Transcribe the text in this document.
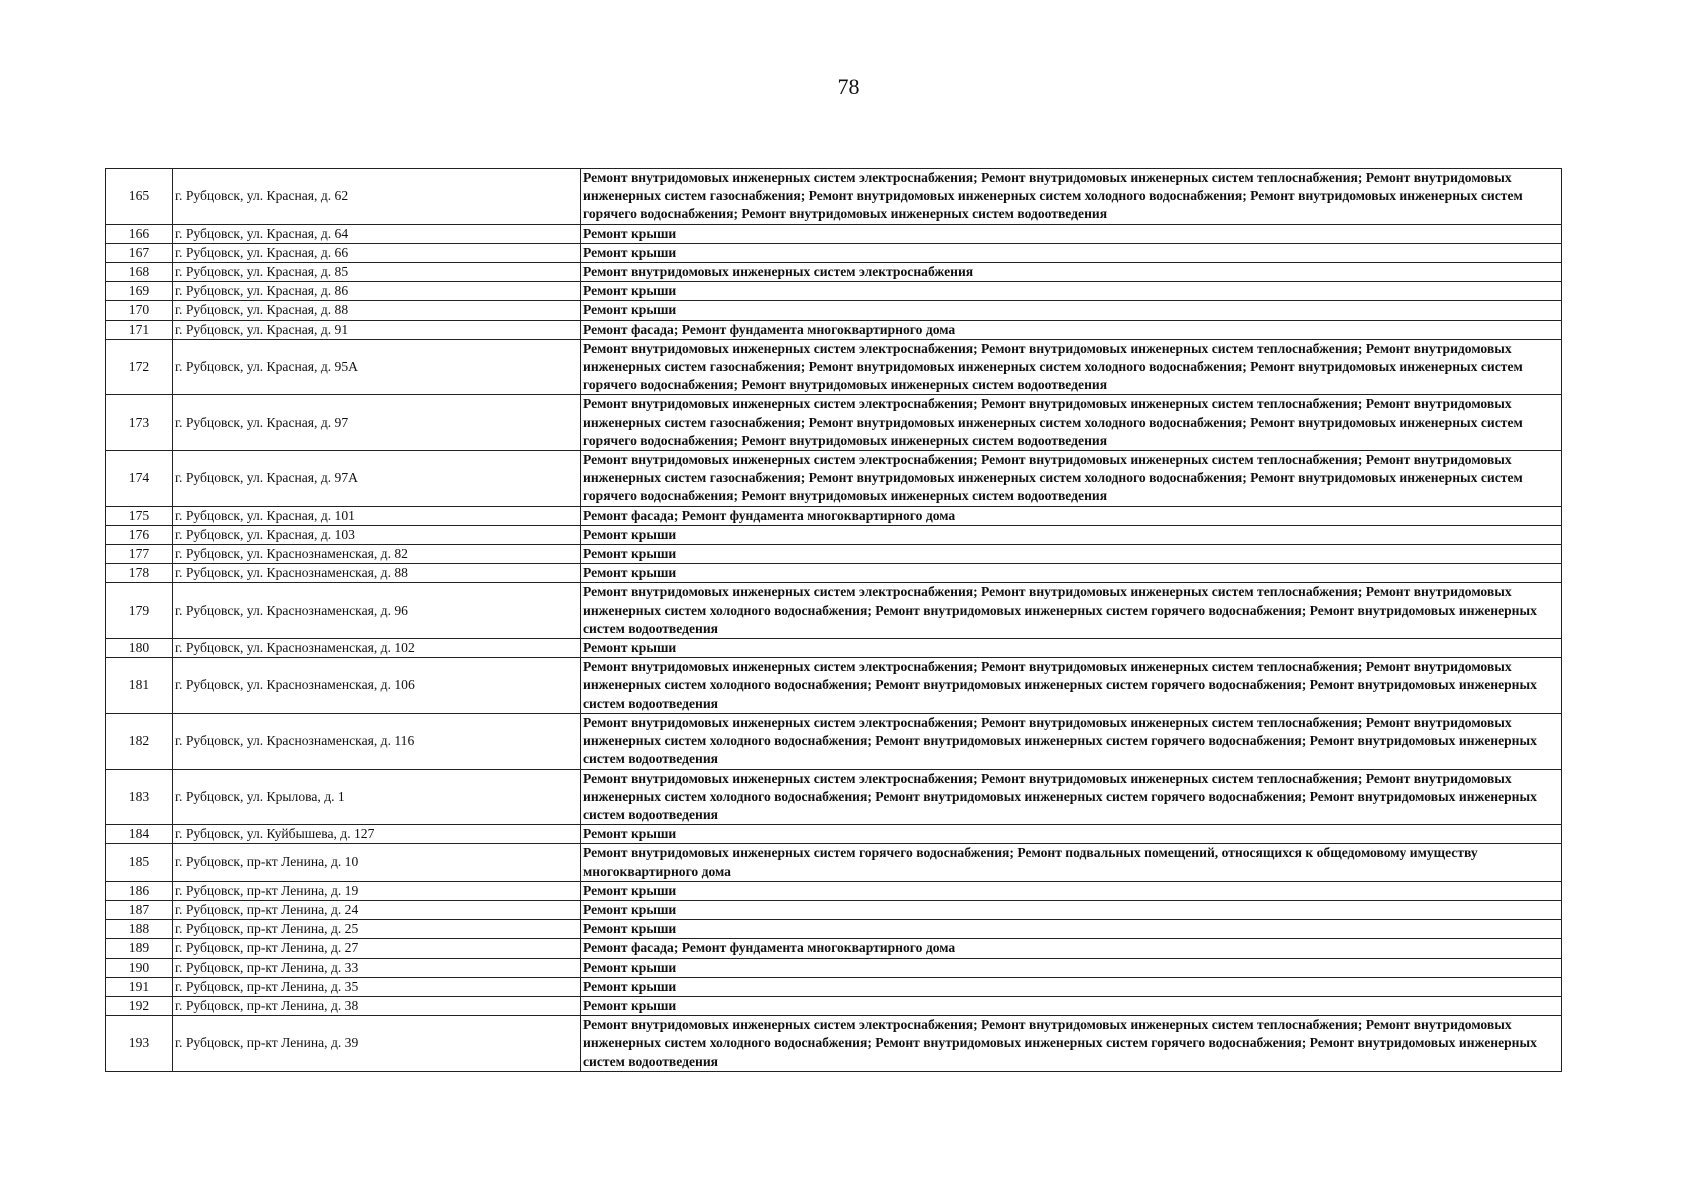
78
165	г. Рубцовск, ул. Красная, д. 62	Ремонт внутридомовых инженерных систем электроснабжения; Ремонт внутридомовых инженерных систем теплоснабжения; Ремонт внутридомовых инженерных систем газоснабжения; Ремонт внутридомовых инженерных систем холодного водоснабжения; Ремонт внутридомовых инженерных систем горячего водоснабжения; Ремонт внутридомовых инженерных систем водоотведения
166	г. Рубцовск, ул. Красная, д. 64	Ремонт крыши
167	г. Рубцовск, ул. Красная, д. 66	Ремонт крыши
168	г. Рубцовск, ул. Красная, д. 85	Ремонт внутридомовых инженерных систем электроснабжения
169	г. Рубцовск, ул. Красная, д. 86	Ремонт крыши
170	г. Рубцовск, ул. Красная, д. 88	Ремонт крыши
171	г. Рубцовск, ул. Красная, д. 91	Ремонт фасада; Ремонт фундамента многоквартирного дома
172	г. Рубцовск, ул. Красная, д. 95А	Ремонт внутридомовых инженерных систем электроснабжения; Ремонт внутридомовых инженерных систем теплоснабжения; Ремонт внутридомовых инженерных систем газоснабжения; Ремонт внутридомовых инженерных систем холодного водоснабжения; Ремонт внутридомовых инженерных систем горячего водоснабжения; Ремонт внутридомовых инженерных систем водоотведения
173	г. Рубцовск, ул. Красная, д. 97	Ремонт внутридомовых инженерных систем электроснабжения; Ремонт внутридомовых инженерных систем теплоснабжения; Ремонт внутридомовых инженерных систем газоснабжения; Ремонт внутридомовых инженерных систем холодного водоснабжения; Ремонт внутридомовых инженерных систем горячего водоснабжения; Ремонт внутридомовых инженерных систем водоотведения
174	г. Рубцовск, ул. Красная, д. 97А	Ремонт внутридомовых инженерных систем электроснабжения; Ремонт внутридомовых инженерных систем теплоснабжения; Ремонт внутридомовых инженерных систем газоснабжения; Ремонт внутридомовых инженерных систем холодного водоснабжения; Ремонт внутридомовых инженерных систем горячего водоснабжения; Ремонт внутридомовых инженерных систем водоотведения
175	г. Рубцовск, ул. Красная, д. 101	Ремонт фасада; Ремонт фундамента многоквартирного дома
176	г. Рубцовск, ул. Красная, д. 103	Ремонт крыши
177	г. Рубцовск, ул. Краснознаменская, д. 82	Ремонт крыши
178	г. Рубцовск, ул. Краснознаменская, д. 88	Ремонт крыши
179	г. Рубцовск, ул. Краснознаменская, д. 96	Ремонт внутридомовых инженерных систем электроснабжения; Ремонт внутридомовых инженерных систем теплоснабжения; Ремонт внутридомовых инженерных систем холодного водоснабжения; Ремонт внутридомовых инженерных систем горячего водоснабжения; Ремонт внутридомовых инженерных систем водоотведения
180	г. Рубцовск, ул. Краснознаменская, д. 102	Ремонт крыши
181	г. Рубцовск, ул. Краснознаменская, д. 106	Ремонт внутридомовых инженерных систем электроснабжения; Ремонт внутридомовых инженерных систем теплоснабжения; Ремонт внутридомовых инженерных систем холодного водоснабжения; Ремонт внутридомовых инженерных систем горячего водоснабжения; Ремонт внутридомовых инженерных систем водоотведения
182	г. Рубцовск, ул. Краснознаменская, д. 116	Ремонт внутридомовых инженерных систем электроснабжения; Ремонт внутридомовых инженерных систем теплоснабжения; Ремонт внутридомовых инженерных систем холодного водоснабжения; Ремонт внутридомовых инженерных систем горячего водоснабжения; Ремонт внутридомовых инженерных систем водоотведения
183	г. Рубцовск, ул. Крылова, д. 1	Ремонт внутридомовых инженерных систем электроснабжения; Ремонт внутридомовых инженерных систем теплоснабжения; Ремонт внутридомовых инженерных систем холодного водоснабжения; Ремонт внутридомовых инженерных систем горячего водоснабжения; Ремонт внутридомовых инженерных систем водоотведения
184	г. Рубцовск, ул. Куйбышева, д. 127	Ремонт крыши
185	г. Рубцовск, пр-кт Ленина, д. 10	Ремонт внутридомовых инженерных систем горячего водоснабжения; Ремонт подвальных помещений, относящихся к общедомовому имуществу многоквартирного дома
186	г. Рубцовск, пр-кт Ленина, д. 19	Ремонт крыши
187	г. Рубцовск, пр-кт Ленина, д. 24	Ремонт крыши
188	г. Рубцовск, пр-кт Ленина, д. 25	Ремонт крыши
189	г. Рубцовск, пр-кт Ленина, д. 27	Ремонт фасада; Ремонт фундамента многоквартирного дома
190	г. Рубцовск, пр-кт Ленина, д. 33	Ремонт крыши
191	г. Рубцовск, пр-кт Ленина, д. 35	Ремонт крыши
192	г. Рубцовск, пр-кт Ленина, д. 38	Ремонт крыши
193	г. Рубцовск, пр-кт Ленина, д. 39	Ремонт внутридомовых инженерных систем электроснабжения; Ремонт внутридомовых инженерных систем теплоснабжения; Ремонт внутридомовых инженерных систем холодного водоснабжения; Ремонт внутридомовых инженерных систем горячего водоснабжения; Ремонт внутридомовых инженерных систем водоотведения
